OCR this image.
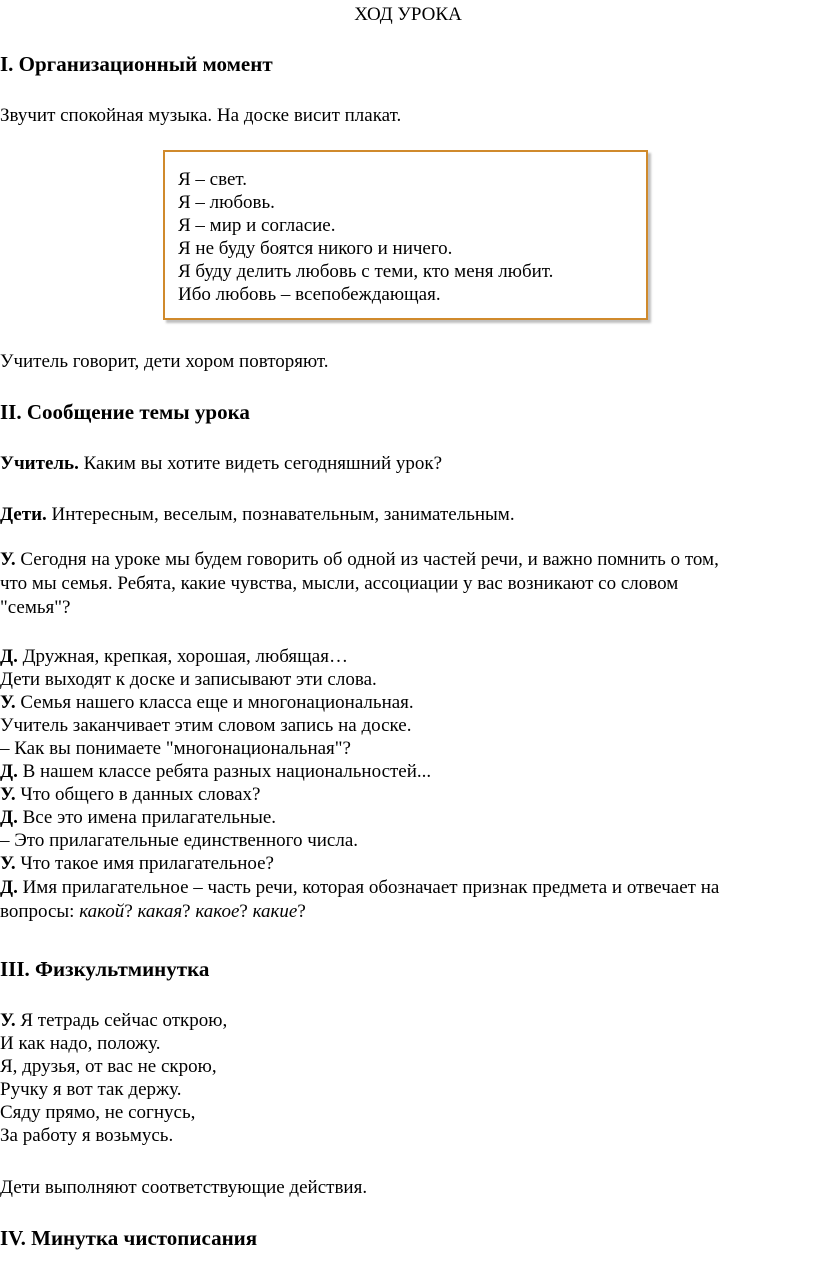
ХОД УРОКА
I. Организационный момент
Звучит спокойная музыка. На доске висит плакат.
Я – свет.
Я – любовь.
Я – мир и согласие.
Я не буду боятся никого и ничего.
Я буду делить любовь с теми, кто меня любит.
Ибо любовь – всепобеждающая.
Учитель говорит, дети хором повторяют.
II. Сообщение темы урока
Учитель. Каким вы хотите видеть сегодняшний урок?
Дети. Интересным, веселым, познавательным, занимательным.
У. Сегодня на уроке мы будем говорить об одной из частей речи, и важно помнить о том,
что мы семья. Ребята, какие чувства, мысли, ассоциации у вас возникают со словом
"семья"?
Д. Дружная, крепкая, хорошая, любящая…
Дети выходят к доске и записывают эти слова.
У. Семья нашего класса еще и многонациональная.
Учитель заканчивает этим словом запись на доске.
– Как вы понимаете "многонациональная"?
Д. В нашем классе ребята разных национальностей...
У. Что общего в данных словах?
Д. Все это имена прилагательные.
– Это прилагательные единственного числа.
У. Что такое имя прилагательное?
Д. Имя прилагательное – часть речи, которая обозначает признак предмета и отвечает на
вопросы: какой? какая? какое? какие?
III. Физкультминутка
У. Я тетрадь сейчас открою,
И как надо, положу.
Я, друзья, от вас не скрою,
Ручку я вот так держу.
Сяду прямо, не согнусь,
За работу я возьмусь.
Дети выполняют соответствующие действия.
IV. Минутка чистописания
